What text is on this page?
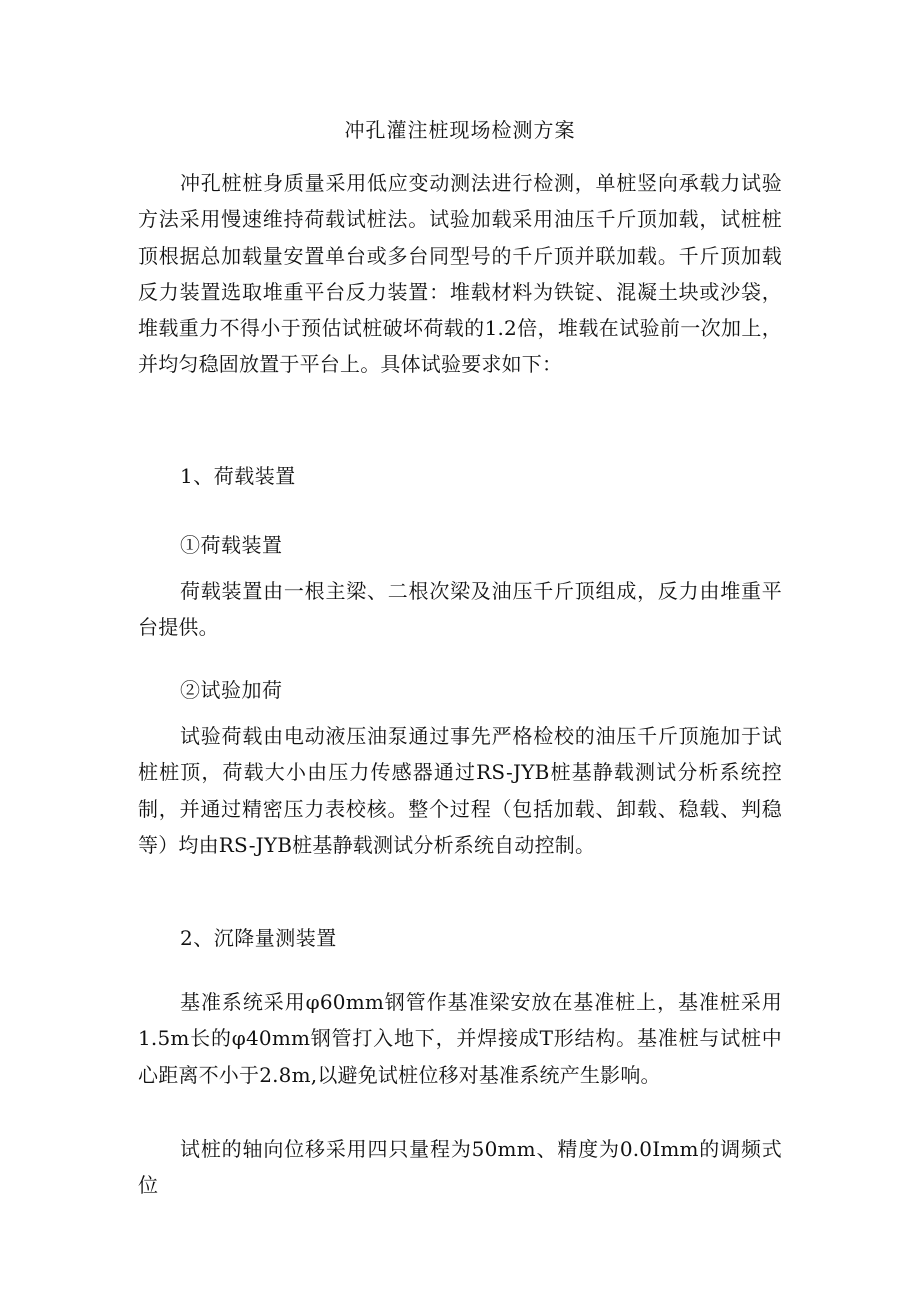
冲孔灌注桩现场检测方案

冲孔桩桩身质量采用低应变动测法进行检测，单桩竖向承载力试验方法采用慢速维持荷载试桩法。试验加载采用油压千斤顶加载，试桩桩顶根据总加载量安置单台或多台同型号的千斤顶并联加载。千斤顶加载反力装置选取堆重平台反力装置：堆载材料为铁锭、混凝土块或沙袋，堆载重力不得小于预估试桩破坏荷载的1.2倍，堆载在试验前一次加上，并均匀稳固放置于平台上。具体试验要求如下：

1、荷载装置
①荷载装置

荷载装置由一根主梁、二根次梁及油压千斤顶组成，反力由堆重平台提供。

②试验加荷

试验荷载由电动液压油泵通过事先严格检校的油压千斤顶施加于试桩桩顶，荷载大小由压力传感器通过RS-JYB桩基静载测试分析系统控制，并通过精密压力表校核。整个过程（包括加载、卸载、稳载、判稳等）均由RS-JYB桩基静载测试分析系统自动控制。

2、沉降量测装置

基准系统采用φ60mm钢管作基准梁安放在基准桩上，基准桩采用1.5m长的φ40mm钢管打入地下，并焊接成T形结构。基准桩与试桩中心距离不小于2.8m,以避免试桩位移对基准系统产生影响。

试桩的轴向位移采用四只量程为50mm、精度为0.0Imm的调频式位
